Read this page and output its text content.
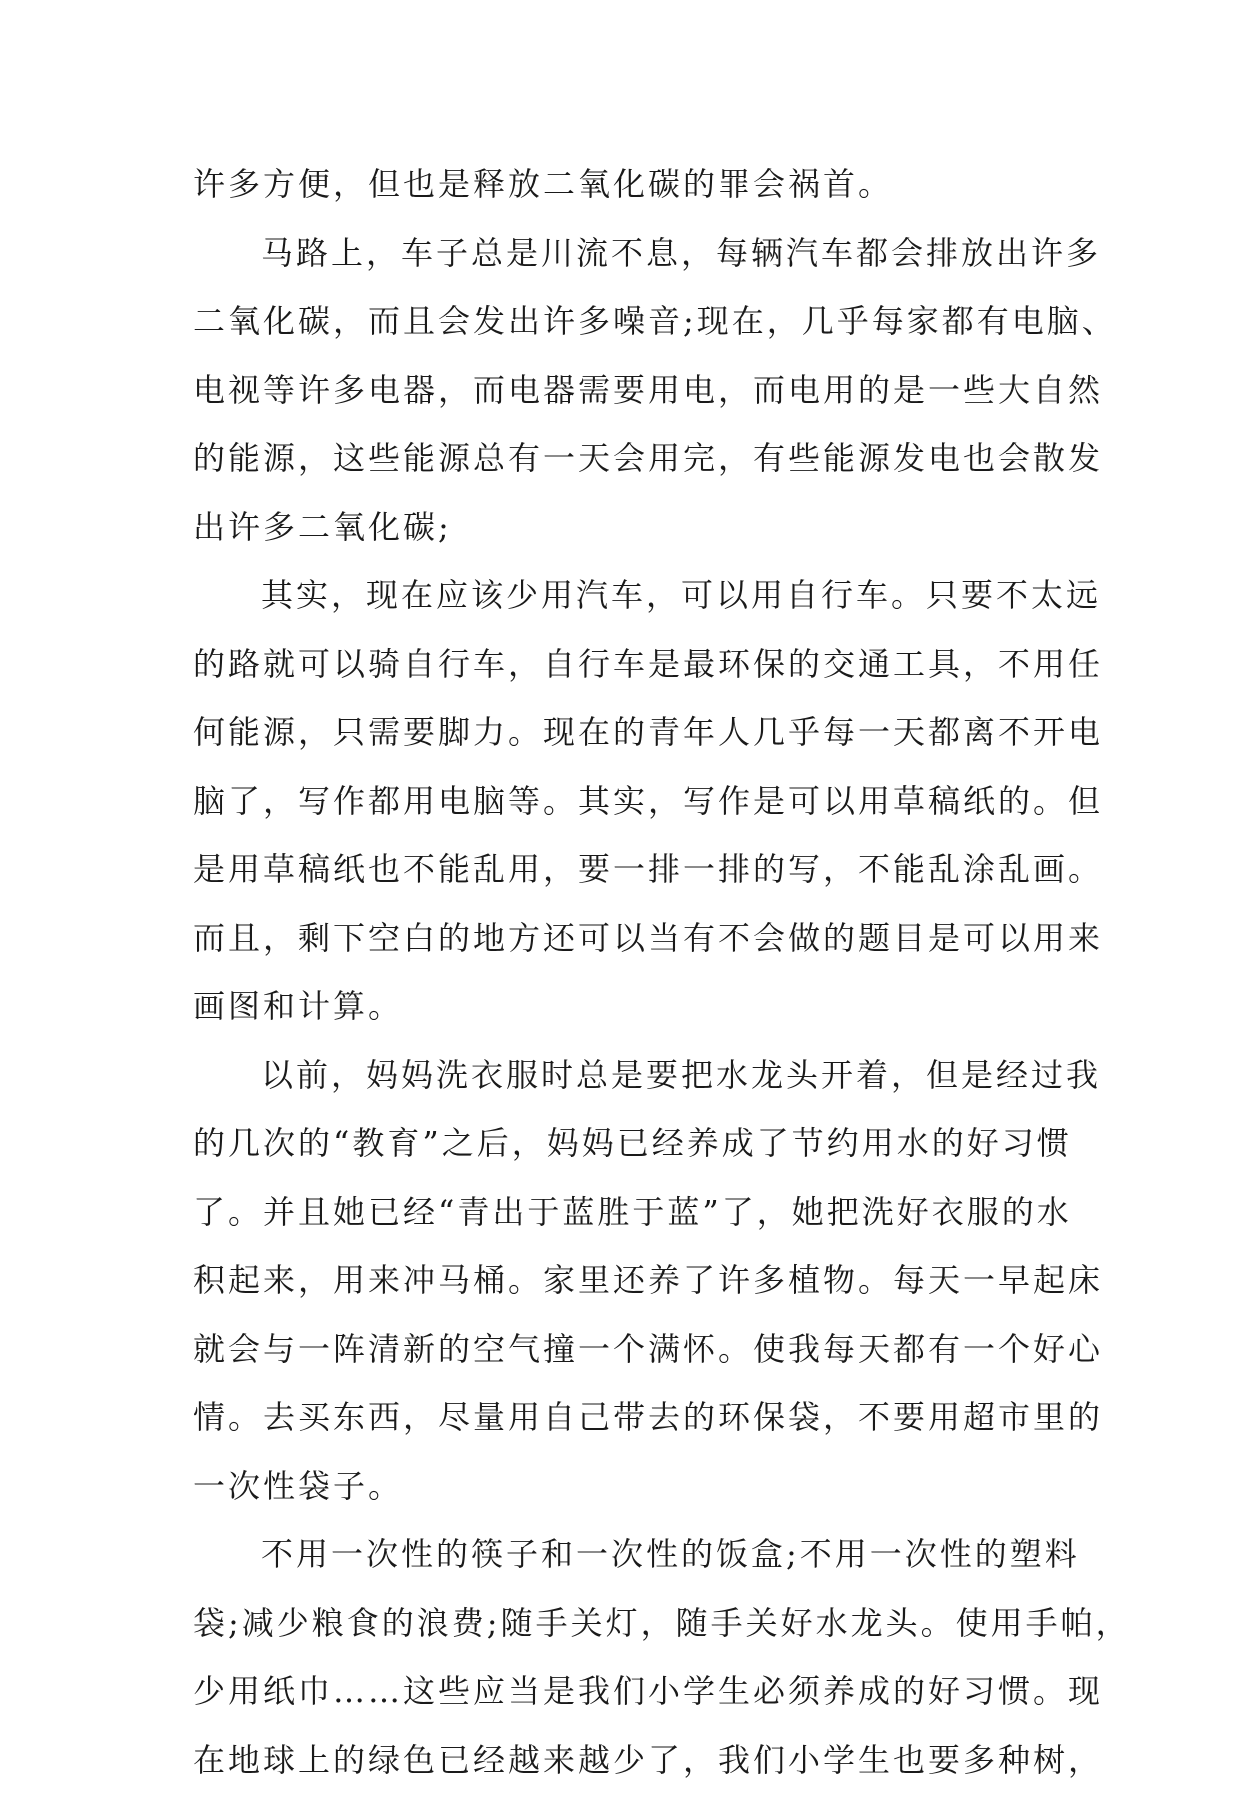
许多方便，但也是释放二氧化碳的罪会祸首。
马路上，车子总是川流不息，每辆汽车都会排放出许多
二氧化碳，而且会发出许多噪音;现在，几乎每家都有电脑、
电视等许多电器，而电器需要用电，而电用的是一些大自然
的能源，这些能源总有一天会用完，有些能源发电也会散发
出许多二氧化碳;
其实，现在应该少用汽车，可以用自行车。只要不太远
的路就可以骑自行车，自行车是最环保的交通工具，不用任
何能源，只需要脚力。现在的青年人几乎每一天都离不开电
脑了，写作都用电脑等。其实，写作是可以用草稿纸的。但
是用草稿纸也不能乱用，要一排一排的写，不能乱涂乱画。
而且，剩下空白的地方还可以当有不会做的题目是可以用来
画图和计算。
以前，妈妈洗衣服时总是要把水龙头开着，但是经过我
的几次的“教育”之后，妈妈已经养成了节约用水的好习惯
了。并且她已经“青出于蓝胜于蓝”了，她把洗好衣服的水
积起来，用来冲马桶。家里还养了许多植物。每天一早起床
就会与一阵清新的空气撞一个满怀。使我每天都有一个好心
情。去买东西，尽量用自己带去的环保袋，不要用超市里的
一次性袋子。
不用一次性的筷子和一次性的饭盒;不用一次性的塑料
袋;减少粮食的浪费;随手关灯，随手关好水龙头。使用手帕，
少用纸巾……这些应当是我们小学生必须养成的好习惯。现
在地球上的绿色已经越来越少了，我们小学生也要多种树，
